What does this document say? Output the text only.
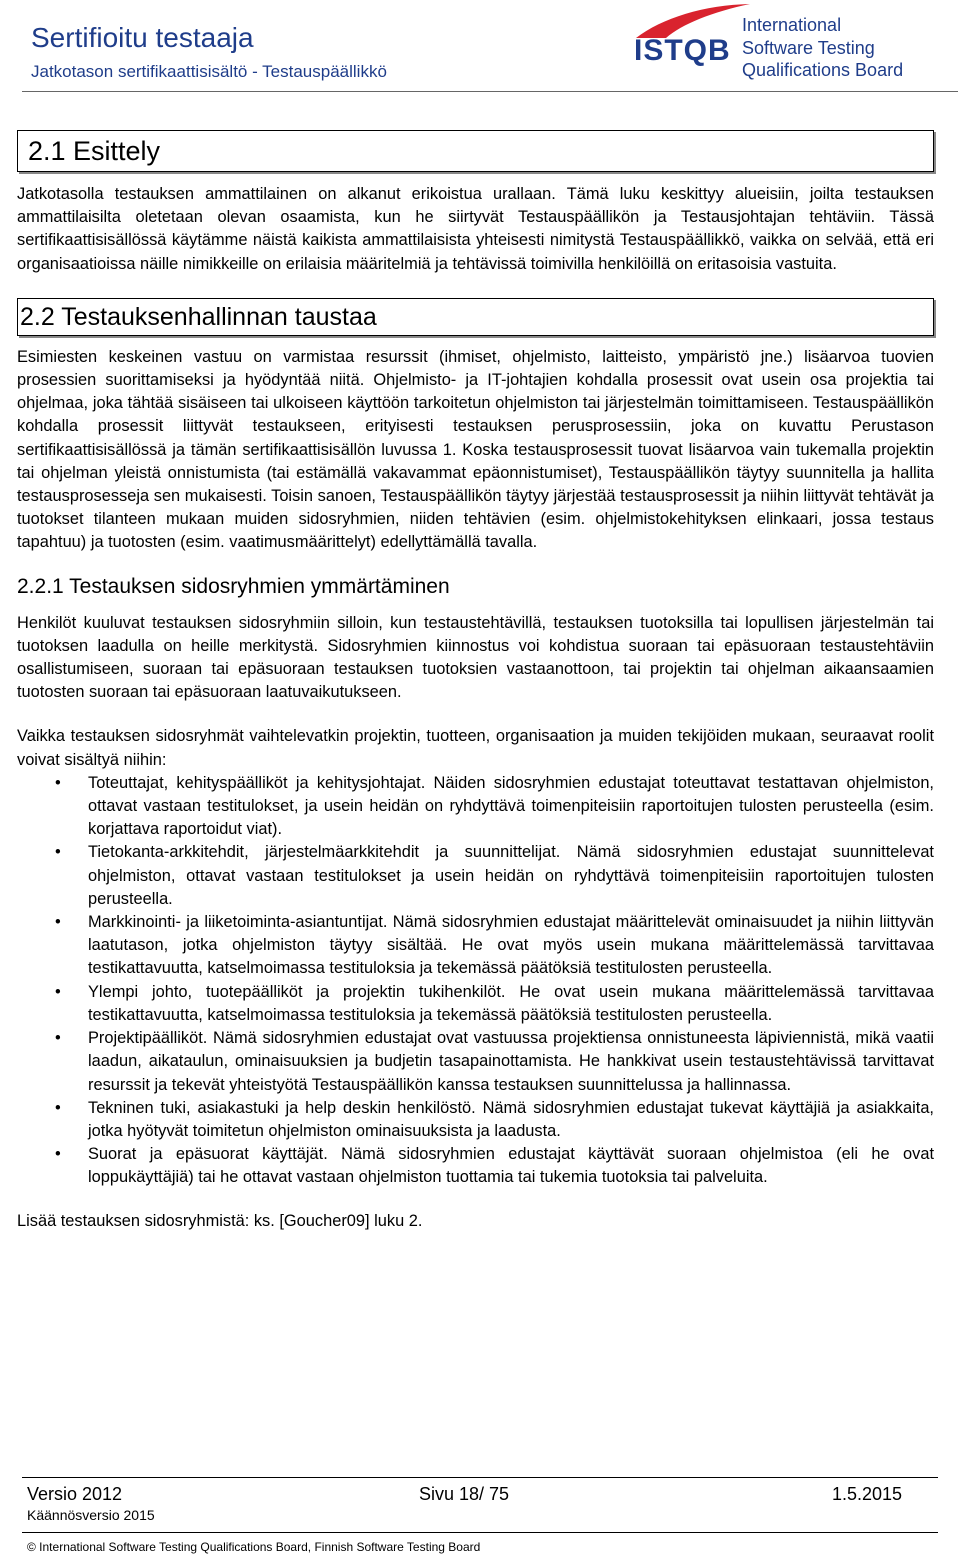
Sertifioitu testaaja
Jatkotason sertifikaattisisältö - Testauspäällikkö
ISTQB
International
Software Testing
Qualifications Board
2.1 Esittely

Jatkotasolla testauksen ammattilainen on alkanut erikoistua urallaan. Tämä luku keskittyy alueisiin, joilta testauksen ammattilaisilta oletetaan olevan osaamista, kun he siirtyvät Testauspäällikön ja Testausjohtajan tehtäviin. Tässä sertifikaattisisällössä käytämme näistä kaikista ammattilaisista yhteisesti nimitystä Testauspäällikkö, vaikka on selvää, että eri organisaatioissa näille nimikkeille on erilaisia määritelmiä ja tehtävissä toimivilla henkilöillä on eritasoisia vastuita.

2.2 Testauksenhallinnan taustaa

Esimiesten keskeinen vastuu on varmistaa resurssit (ihmiset, ohjelmisto, laitteisto, ympäristö jne.) lisäarvoa tuovien prosessien suorittamiseksi ja hyödyntää niitä. Ohjelmisto- ja IT-johtajien kohdalla prosessit ovat usein osa projektia tai ohjelmaa, joka tähtää sisäiseen tai ulkoiseen käyttöön tarkoitetun ohjelmiston tai järjestelmän toimittamiseen. Testauspäällikön kohdalla prosessit liittyvät testaukseen, erityisesti testauksen perusprosessiin, joka on kuvattu Perustason sertifikaattisisällössä ja tämän sertifikaattisisällön luvussa 1. Koska testausprosessit tuovat lisäarvoa vain tukemalla projektin tai ohjelman yleistä onnistumista (tai estämällä vakavammat epäonnistumiset), Testauspäällikön täytyy suunnitella ja hallita testausprosesseja sen mukaisesti. Toisin sanoen, Testauspäällikön täytyy järjestää testausprosessit ja niihin liittyvät tehtävät ja tuotokset tilanteen mukaan muiden sidosryhmien, niiden tehtävien (esim. ohjelmistokehityksen elinkaari, jossa testaus tapahtuu) ja tuotosten (esim. vaatimusmäärittelyt) edellyttämällä tavalla.

2.2.1 Testauksen sidosryhmien ymmärtäminen

Henkilöt kuuluvat testauksen sidosryhmiin silloin, kun testaustehtävillä, testauksen tuotoksilla tai lopullisen järjestelmän tai tuotoksen laadulla on heille merkitystä. Sidosryhmien kiinnostus voi kohdistua suoraan tai epäsuoraan testaustehtäviin osallistumiseen, suoraan tai epäsuoraan testauksen tuotoksien vastaanottoon, tai projektin tai ohjelman aikaansaamien tuotosten suoraan tai epäsuoraan laatuvaikutukseen.

Vaikka testauksen sidosryhmät vaihtelevatkin projektin, tuotteen, organisaation ja muiden tekijöiden mukaan, seuraavat roolit voivat sisältyä niihin:

• Toteuttajat, kehityspäälliköt ja kehitysjohtajat. Näiden sidosryhmien edustajat toteuttavat testattavan ohjelmiston, ottavat vastaan testitulokset, ja usein heidän on ryhdyttävä toimenpiteisiin raportoitujen tulosten perusteella (esim. korjattava raportoidut viat).
• Tietokanta-arkkitehdit, järjestelmäarkkitehdit ja suunnittelijat. Nämä sidosryhmien edustajat suunnittelevat ohjelmiston, ottavat vastaan testitulokset ja usein heidän on ryhdyttävä toimenpiteisiin raportoitujen tulosten perusteella.
• Markkinointi- ja liiketoiminta-asiantuntijat. Nämä sidosryhmien edustajat määrittelevät ominaisuudet ja niihin liittyvän laatutason, jotka ohjelmiston täytyy sisältää. He ovat myös usein mukana määrittelemässä tarvittavaa testikattavuutta, katselmoimassa testituloksia ja tekemässä päätöksiä testitulosten perusteella.
• Ylempi johto, tuotepäälliköt ja projektin tukihenkilöt. He ovat usein mukana määrittelemässä tarvittavaa testikattavuutta, katselmoimassa testituloksia ja tekemässä päätöksiä testitulosten perusteella.
• Projektipäälliköt. Nämä sidosryhmien edustajat ovat vastuussa projektiensa onnistuneesta läpiviennistä, mikä vaatii laadun, aikataulun, ominaisuuksien ja budjetin tasapainottamista. He hankkivat usein testaustehtävissä tarvittavat resurssit ja tekevät yhteistyötä Testauspäällikön kanssa testauksen suunnittelussa ja hallinnassa.
• Tekninen tuki, asiakastuki ja help deskin henkilöstö. Nämä sidosryhmien edustajat tukevat käyttäjiä ja asiakkaita, jotka hyötyvät toimitetun ohjelmiston ominaisuuksista ja laadusta.
• Suorat ja epäsuorat käyttäjät. Nämä sidosryhmien edustajat käyttävät suoraan ohjelmistoa (eli he ovat loppukäyttäjiä) tai he ottavat vastaan ohjelmiston tuottamia tai tukemia tuotoksia tai palveluita.

Lisää testauksen sidosryhmistä: ks. [Goucher09] luku 2.

Versio 2012	Sivu 18/ 75	1.5.2015
Käännösversio 2015
© International Software Testing Qualifications Board, Finnish Software Testing Board
